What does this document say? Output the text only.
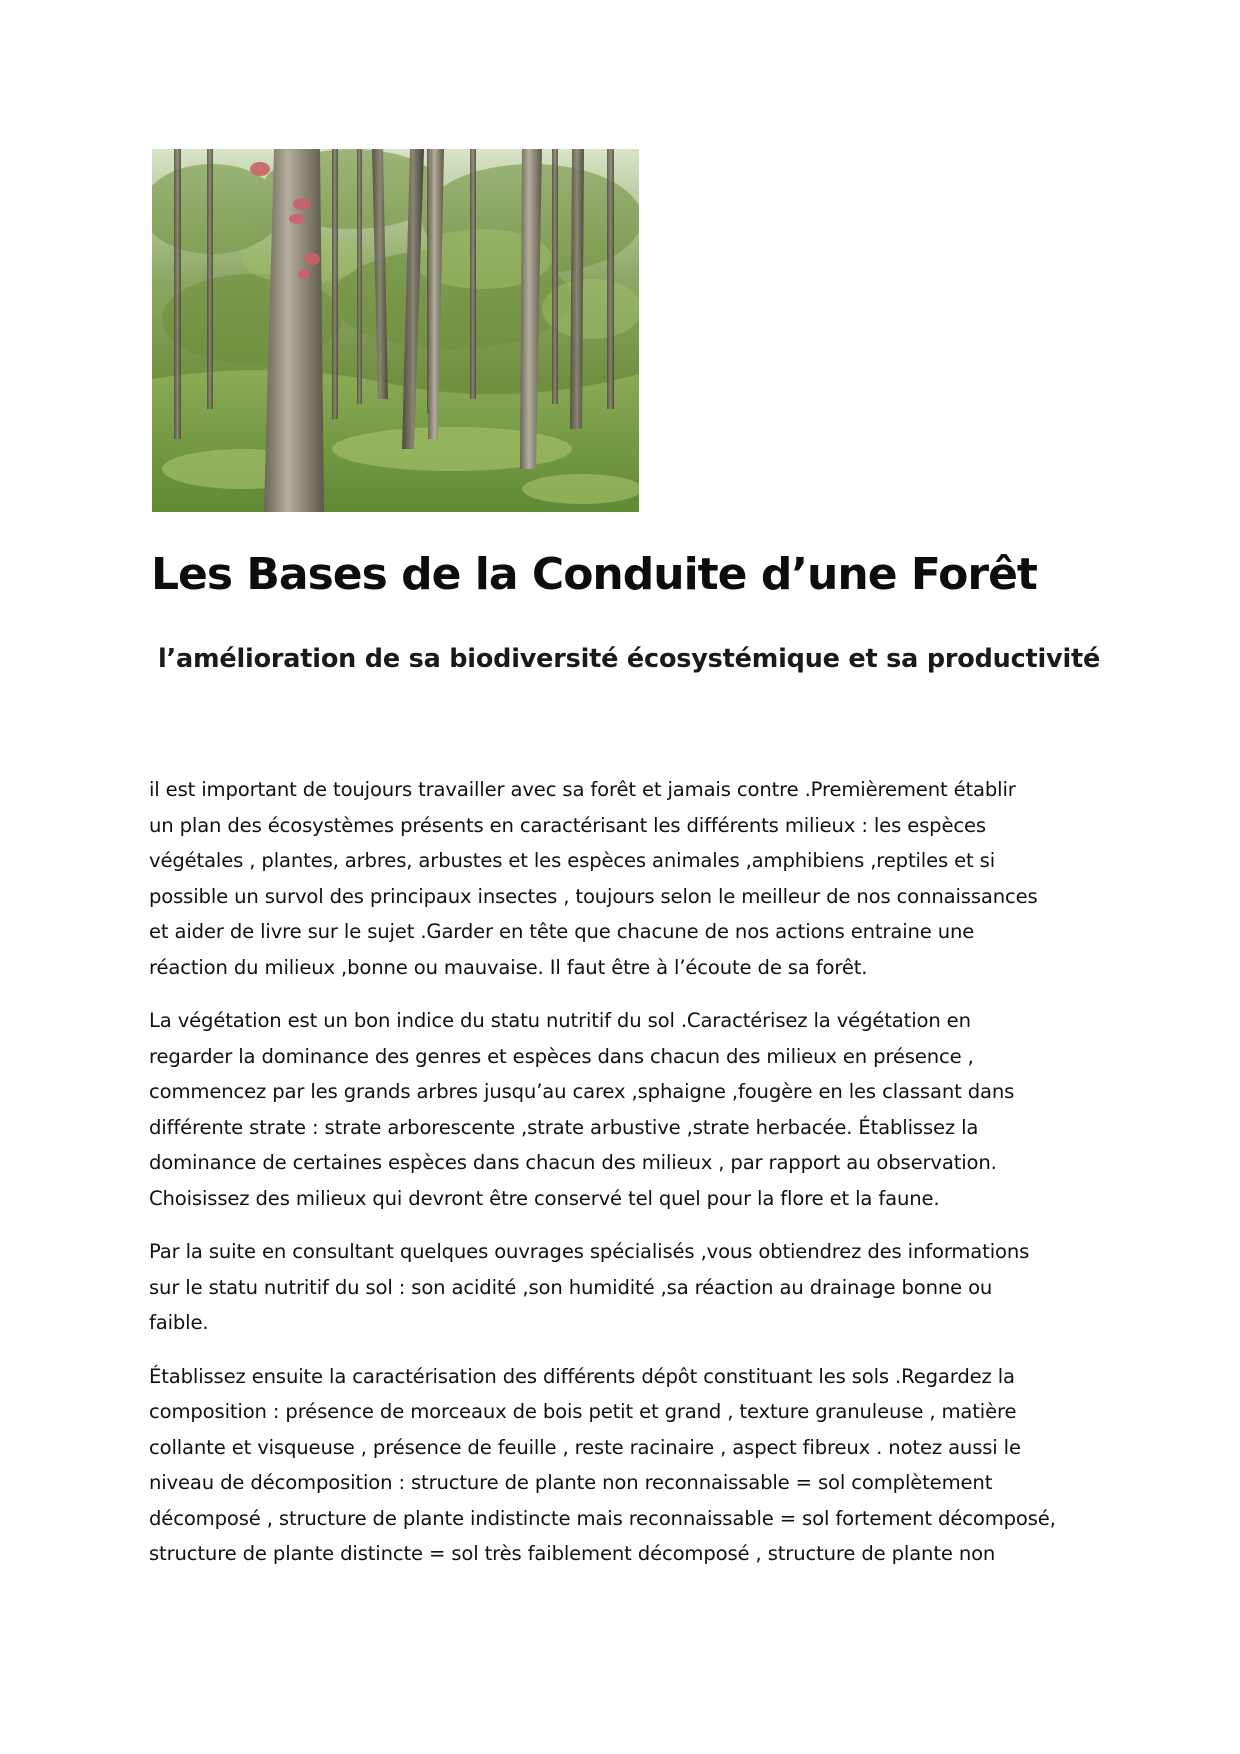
Les Bases de la Conduite d’une Forêt
l’amélioration de sa biodiversité écosystémique et sa productivité

il est important de toujours travailler avec sa forêt et jamais contre .Premièrement établir
un plan des écosystèmes présents en caractérisant les différents milieux : les espèces
végétales , plantes, arbres, arbustes et les espèces animales ,amphibiens ,reptiles et si
possible un survol des principaux insectes , toujours selon le meilleur de nos connaissances
et aider de livre sur le sujet .Garder en tête que chacune de nos actions entraine une
réaction du milieux ,bonne ou mauvaise. Il faut être à l’écoute de sa forêt.

La végétation est un bon indice du statu nutritif du sol .Caractérisez la végétation en
regarder la dominance des genres et espèces dans chacun des milieux en présence ,
commencez par les grands arbres jusqu’au carex ,sphaigne ,fougère en les classant dans
différente strate : strate arborescente ,strate arbustive ,strate herbacée. Établissez la
dominance de certaines espèces dans chacun des milieux , par rapport au observation.
Choisissez des milieux qui devront être conservé tel quel pour la flore et la faune.

Par la suite en consultant quelques ouvrages spécialisés ,vous obtiendrez des informations
sur le statu nutritif du sol : son acidité ,son humidité ,sa réaction au drainage bonne ou
faible.

Établissez ensuite la caractérisation des différents dépôt constituant les sols .Regardez la
composition : présence de morceaux de bois petit et grand , texture granuleuse , matière
collante et visqueuse , présence de feuille , reste racinaire , aspect fibreux . notez aussi le
niveau de décomposition : structure de plante non reconnaissable = sol complètement
décomposé , structure de plante indistincte mais reconnaissable = sol fortement décomposé,
structure de plante distincte = sol très faiblement décomposé , structure de plante non
